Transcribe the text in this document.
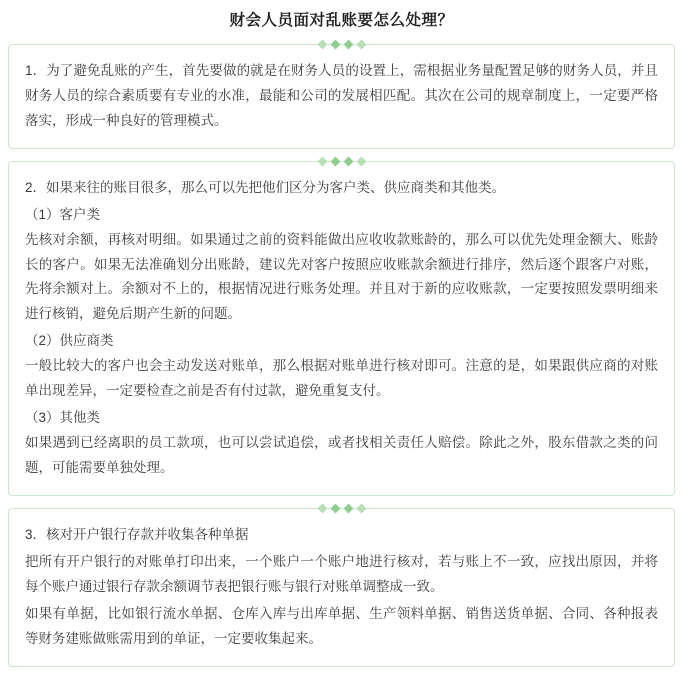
财会人员面对乱账要怎么处理？

1．为了避免乱账的产生，首先要做的就是在财务人员的设置上，需根据业务量配置足够的财务人员，并且财务人员的综合素质要有专业的水准，最能和公司的发展相匹配。其次在公司的规章制度上，一定要严格落实，形成一种良好的管理模式。

2．如果来往的账目很多，那么可以先把他们区分为客户类、供应商类和其他类。

（1）客户类

先核对余额，再核对明细。如果通过之前的资料能做出应收收款账龄的，那么可以优先处理金额大、账龄长的客户。如果无法准确划分出账龄，建议先对客户按照应收账款余额进行排序，然后逐个跟客户对账，先将余额对上。余额对不上的，根据情况进行账务处理。并且对于新的应收账款，一定要按照发票明细来进行核销，避免后期产生新的问题。

（2）供应商类

一般比较大的客户也会主动发送对账单，那么根据对账单进行核对即可。注意的是，如果跟供应商的对账单出现差异，一定要检查之前是否有付过款，避免重复支付。

（3）其他类

如果遇到已经离职的员工款项，也可以尝试追偿，或者找相关责任人赔偿。除此之外，股东借款之类的问题，可能需要单独处理。

3．核对开户银行存款并收集各种单据

把所有开户银行的对账单打印出来，一个账户一个账户地进行核对，若与账上不一致，应找出原因，并将每个账户通过银行存款余额调节表把银行账与银行对账单调整成一致。

如果有单据，比如银行流水单据、仓库入库与出库单据、生产领料单据、销售送货单据、合同、各种报表等财务建账做账需用到的单证，一定要收集起来。
